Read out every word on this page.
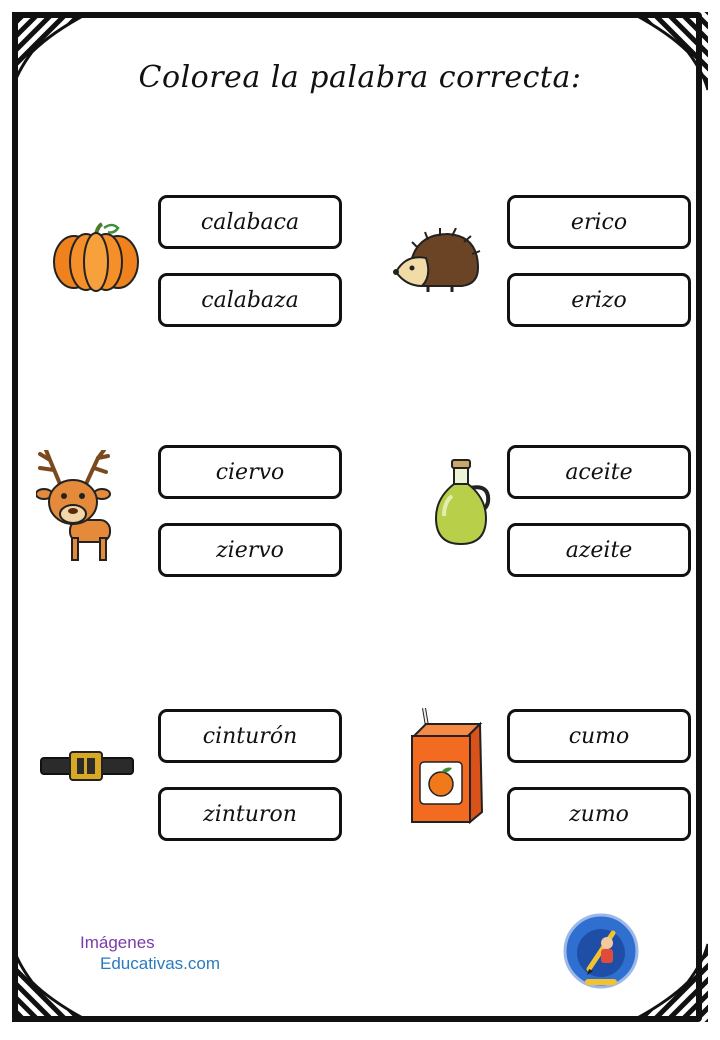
Colorea la palabra correcta:
calabaca
calabaza
erico
erizo
ciervo
ziervo
aceite
azeite
cinturón
zinturon
cumo
zumo
Imágenes
Educativas.com
